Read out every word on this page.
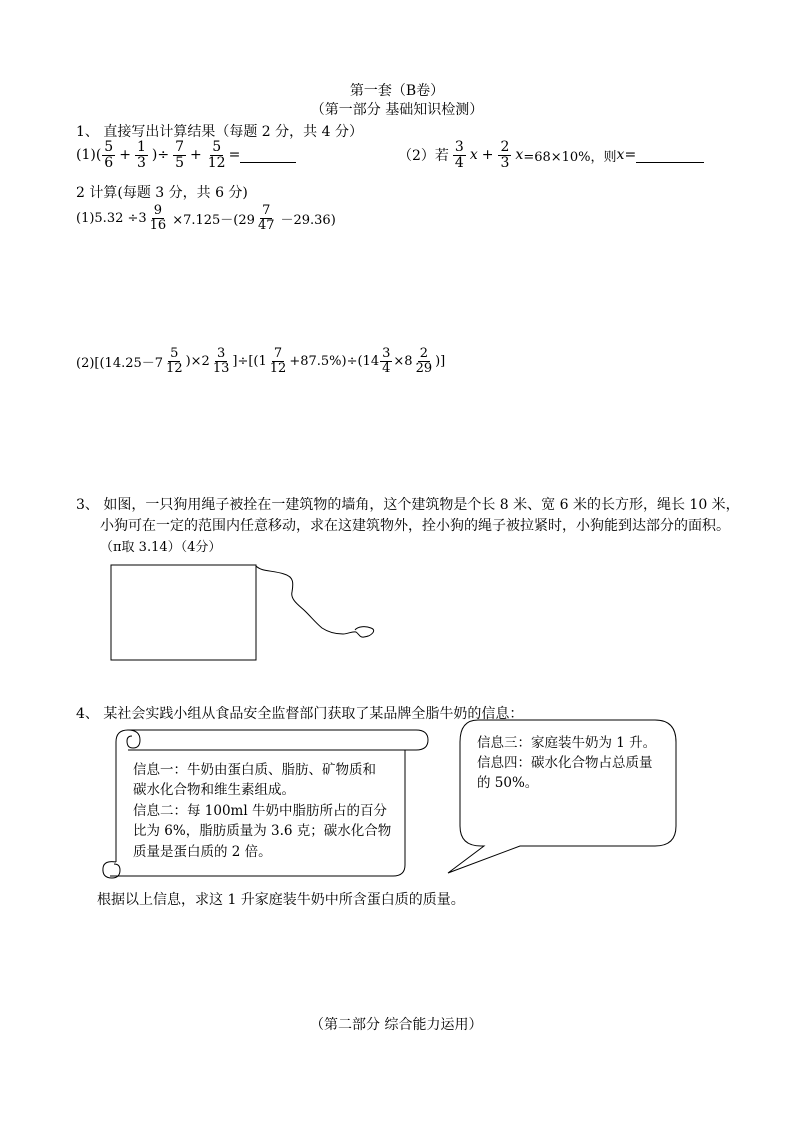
第一套（B卷）
（第一部分 基础知识检测）
1、 直接写出计算结果（每题 2 分，共 4 分）
$(1)( \frac{5}{6} + \frac{1}{3}$ )÷ $\frac{7}{5} + \frac{5}{12}$ =	（2）若 $\frac{3}{4}$ $x + \frac{2}{3}$ x =68×10%，则 x =
2 计算(每题 3 分，共 6 分)
$(1)5.32 \div 3 \frac{9}{16} \times 7.125-(29 \frac{7}{47} -29.36)$
$(2)[(14.25-7 \frac{5}{12} )\times 2 \frac{3}{13} ]\div[(1 \frac{7}{12} +87.5\%)\div(14 \frac{3}{4} \times 8 \frac{2}{29}$ )]
3、 如图，一只狗用绳子被拴在一建筑物的墙角，这个建筑物是个长 8 米、宽 6 米的长方形，绳长 10 米，
小狗可在一定的范围内任意移动，求在这建筑物外，拴小狗的绳子被拉紧时，小狗能到达部分的面积。
（π取 3.14）（4分）
4、 某社会实践小组从食品安全监督部门获取了某品牌全脂牛奶的信息：
信息一：牛奶由蛋白质、脂肪、矿物质和
碳水化合物和维生素组成。
信息二：每 100ml 牛奶中脂肪所占的百分
比为 6%，脂肪质量为 3.6 克；碳水化合物
质量是蛋白质的 2 倍。
信息三：家庭装牛奶为 1 升。
信息四：碳水化合物占总质量
的 50%。
根据以上信息，求这 1 升家庭装牛奶中所含蛋白质的质量。
（第二部分 综合能力运用）
